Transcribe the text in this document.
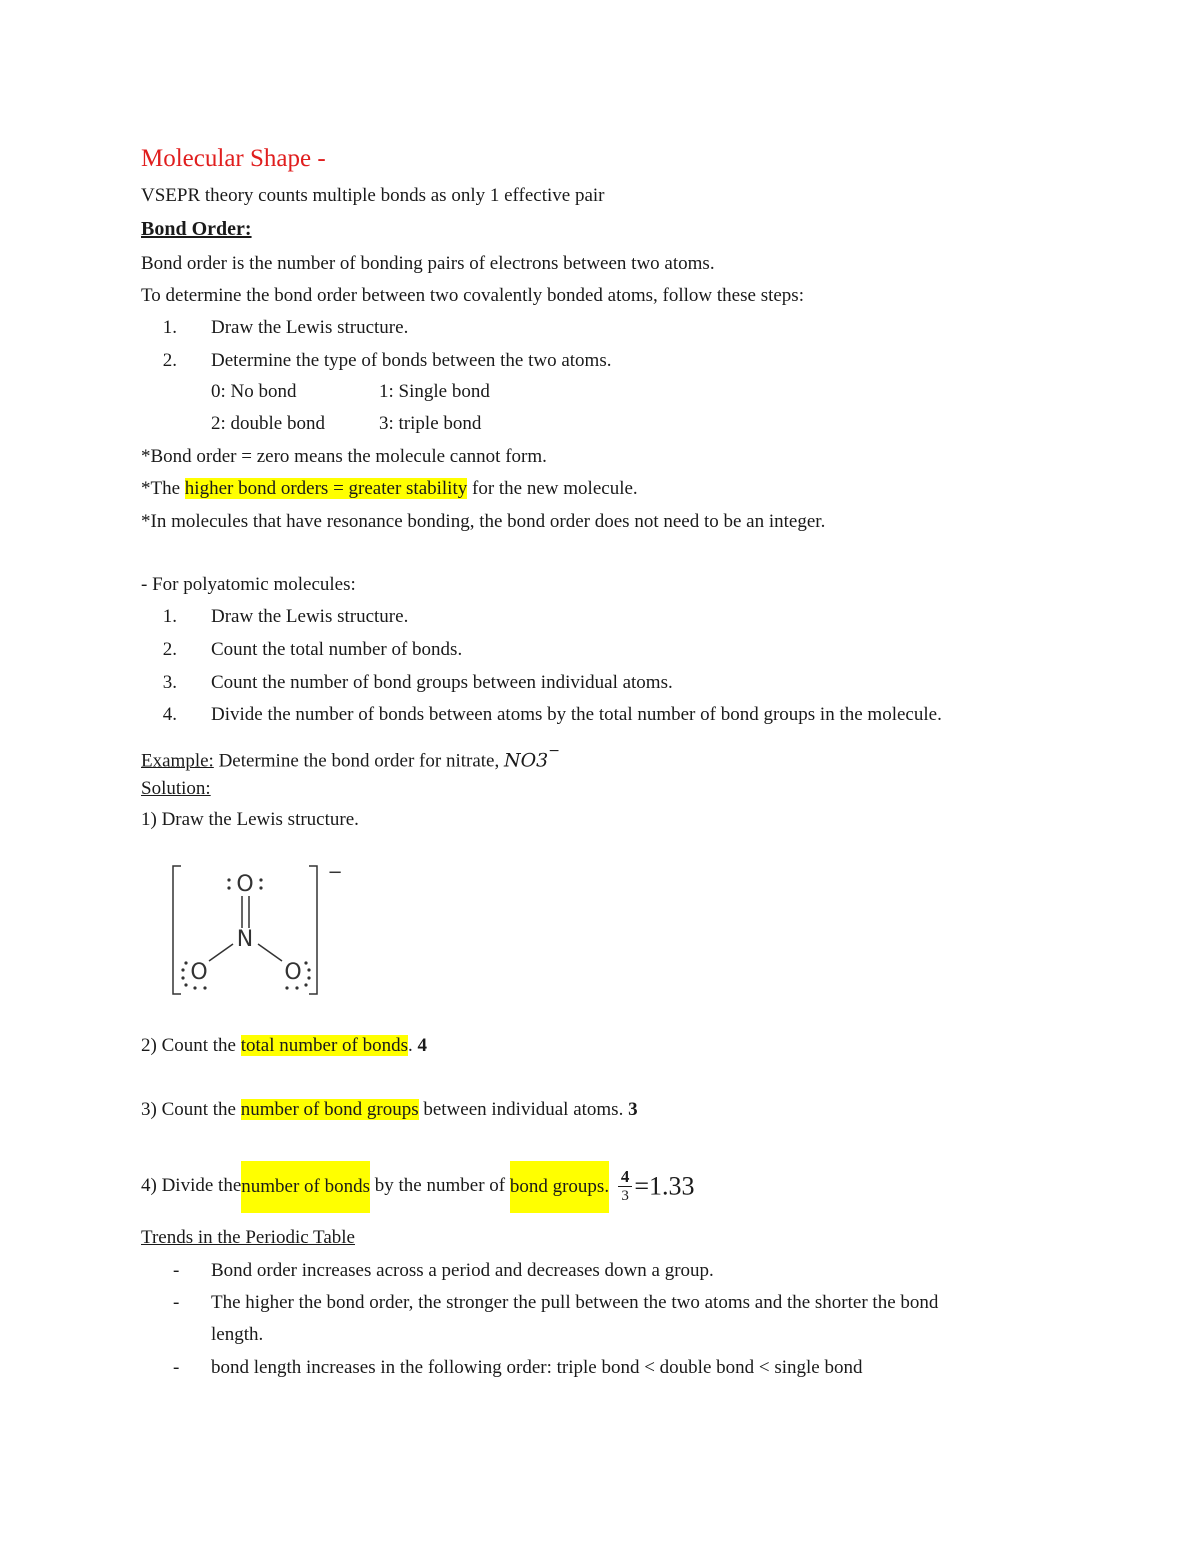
Molecular Shape -
VSEPR theory counts multiple bonds as only 1 effective pair
Bond Order:
Bond order is the number of bonding pairs of electrons between two atoms.
To determine the bond order between two covalently bonded atoms, follow these steps:
1. Draw the Lewis structure.
2. Determine the type of bonds between the two atoms.
0: No bond	1: Single bond
2: double bond	3: triple bond
*Bond order = zero means the molecule cannot form.
*The higher bond orders = greater stability for the new molecule.
*In molecules that have resonance bonding, the bond order does not need to be an integer.
- For polyatomic molecules:
1. Draw the Lewis structure.
2. Count the total number of bonds.
3. Count the number of bond groups between individual atoms.
4. Divide the number of bonds between atoms by the total number of bond groups in the molecule.
Example: Determine the bond order for nitrate, NO3−
Solution:
1) Draw the Lewis structure.
O
N
O	O
−
2) Count the total number of bonds. 4
3) Count the number of bond groups between individual atoms. 3
4) Divide thenumber of bonds by the number of bond groups. $\frac{4}{3} =1.33$
Trends in the Periodic Table
- Bond order increases across a period and decreases down a group.
- The higher the bond order, the stronger the pull between the two atoms and the shorter the bond
length.
- bond length increases in the following order: triple bond < double bond < single bond
